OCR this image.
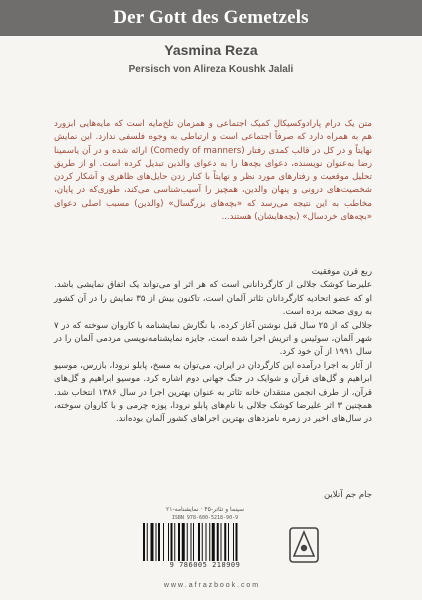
Der Gott des Gemetzels
Yasmina Reza
Persisch von Alireza Koushk Jalali
متن یک درام پارادوکسیکال کمیک اجتماعی و همزمان تلخ‌مایه است که مایه‌هایی ابزورد هم به همراه دارد که صرفاً اجتماعی است و ارتباطی به وجوه فلسفی ندارد. این نمایش نهایتاً و در کل در قالب کمدی رفتار (Comedy of manners) ارائه شده و در آن یاسمینا رضا به‌عنوان نویسنده، دعوای بچه‌ها را به دعوای والدین تبدیل کرده است. او از طریق تحلیل موقعیت و رفتارهای مورد نظر و نهایتاً با کنار زدن حایل‌های ظاهری و آشکار کردن شخصیت‌های درونی و پنهان والدین، همچیز را آسیب‌شناسی می‌کند، طوری‌که در پایان، مخاطب به این نتیجه می‌رسد که «بچه‌های بزرگسال» (والدین) مسبب اصلی دعوای «بچه‌های خردسال» (بچه‌هایشان) هستند...

ربع قرن موفقیت

علیرضا کوشک جلالی از کارگردانانی است که هر اثر او می‌تواند یک اتفاق نمایشی باشد. او که عضو اتحادیه کارگردانان تئاتر آلمان است، تاکنون بیش از ۳۵ نمایش را در آن کشور به روی صحنه برده است.

جلالی که از ۲۵ سال قبل نوشتن آغاز کرده، با نگارش نمایشنامه با کاروان سوخته که در ۷ شهر آلمان، سوئیس و اتریش اجرا شده است، جایزه نمایشنامه‌نویسی مردمی آلمان را در سال ۱۹۹۱ از آن خود کرد.

از آثار به اجرا درآمده این کارگردان در ایران، می‌توان به مسخ، پابلو نرودا، بازرس، موسیو ابراهیم و گل‌های قرآن و شوایک در جنگ جهانی دوم اشاره کرد. موسیو ابراهیم و گل‌های قرآن، از طرف انجمن منتقدان خانه تئاتر به عنوان بهترین اجرا در سال ۱۳۸۶ انتخاب شد. همچنین ۳ اثر علیرضا کوشک جلالی با نام‌های پابلو نرودا، پوزه چرمی و با کاروان سوخته، در سال‌های اخیر در زمره نامزدهای بهترین اجرا‌های کشور آلمان بوده‌اند.

جام جم آنلاین
سینما و تئاتر-۴۵ · نمایشنامه-۲۱
ISBN 978-600-5218-90-9
9 786005 218909
w w w . a f r a z b o o k . c o m
